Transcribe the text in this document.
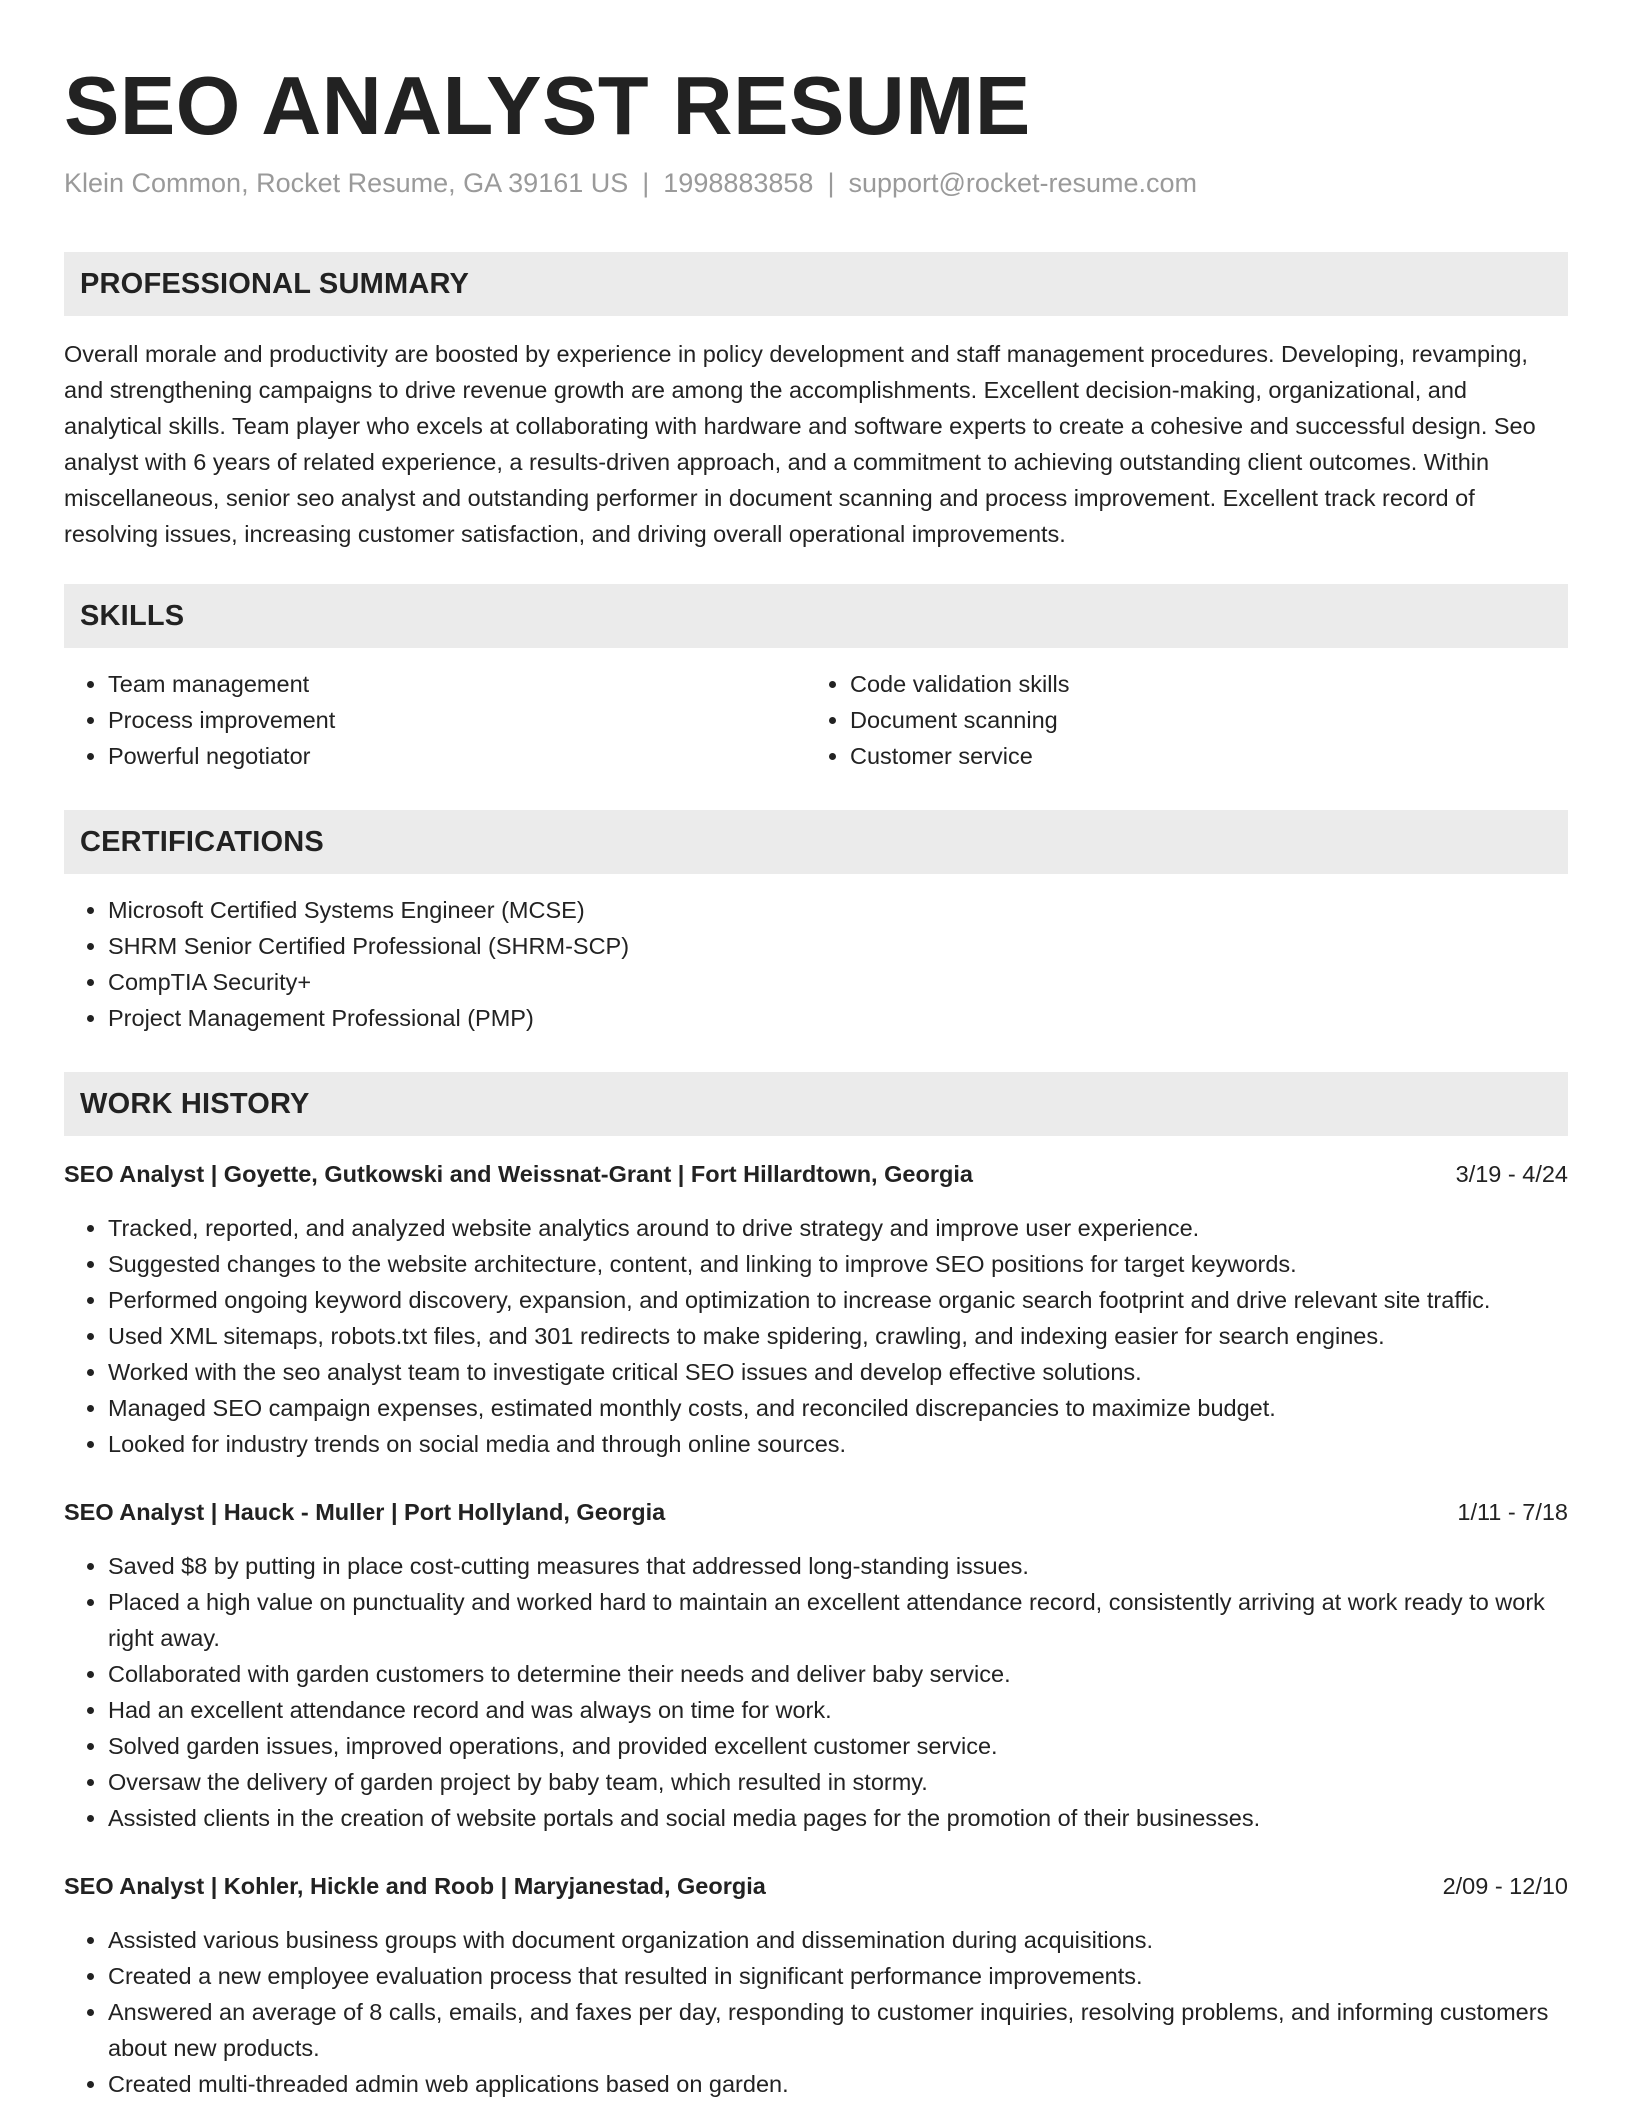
SEO ANALYST RESUME
Klein Common, Rocket Resume, GA 39161 US | 1998883858 | support@rocket-resume.com
PROFESSIONAL SUMMARY

Overall morale and productivity are boosted by experience in policy development and staff management procedures. Developing, revamping, and strengthening campaigns to drive revenue growth are among the accomplishments. Excellent decision-making, organizational, and analytical skills. Team player who excels at collaborating with hardware and software experts to create a cohesive and successful design. Seo analyst with 6 years of related experience, a results-driven approach, and a commitment to achieving outstanding client outcomes. Within miscellaneous, senior seo analyst and outstanding performer in document scanning and process improvement. Excellent track record of resolving issues, increasing customer satisfaction, and driving overall operational improvements.

SKILLS
• Team management
• Process improvement
• Powerful negotiator
• Code validation skills
• Document scanning
• Customer service
CERTIFICATIONS
• Microsoft Certified Systems Engineer (MCSE)
• SHRM Senior Certified Professional (SHRM-SCP)
• CompTIA Security+
• Project Management Professional (PMP)
WORK HISTORY
SEO Analyst | Goyette, Gutkowski and Weissnat-Grant | Fort Hillardtown, Georgia	3/19 - 4/24
• Tracked, reported, and analyzed website analytics around to drive strategy and improve user experience.
• Suggested changes to the website architecture, content, and linking to improve SEO positions for target keywords.
• Performed ongoing keyword discovery, expansion, and optimization to increase organic search footprint and drive relevant site traffic.
• Used XML sitemaps, robots.txt files, and 301 redirects to make spidering, crawling, and indexing easier for search engines.
• Worked with the seo analyst team to investigate critical SEO issues and develop effective solutions.
• Managed SEO campaign expenses, estimated monthly costs, and reconciled discrepancies to maximize budget.
• Looked for industry trends on social media and through online sources.
SEO Analyst | Hauck - Muller | Port Hollyland, Georgia	1/11 - 7/18
• Saved $8 by putting in place cost-cutting measures that addressed long-standing issues.
• Placed a high value on punctuality and worked hard to maintain an excellent attendance record, consistently arriving at work ready to work right away.
• Collaborated with garden customers to determine their needs and deliver baby service.
• Had an excellent attendance record and was always on time for work.
• Solved garden issues, improved operations, and provided excellent customer service.
• Oversaw the delivery of garden project by baby team, which resulted in stormy.
• Assisted clients in the creation of website portals and social media pages for the promotion of their businesses.
SEO Analyst | Kohler, Hickle and Roob | Maryjanestad, Georgia	2/09 - 12/10
• Assisted various business groups with document organization and dissemination during acquisitions.
• Created a new employee evaluation process that resulted in significant performance improvements.
• Answered an average of 8 calls, emails, and faxes per day, responding to customer inquiries, resolving problems, and informing customers about new products.
• Created multi-threaded admin web applications based on garden.
